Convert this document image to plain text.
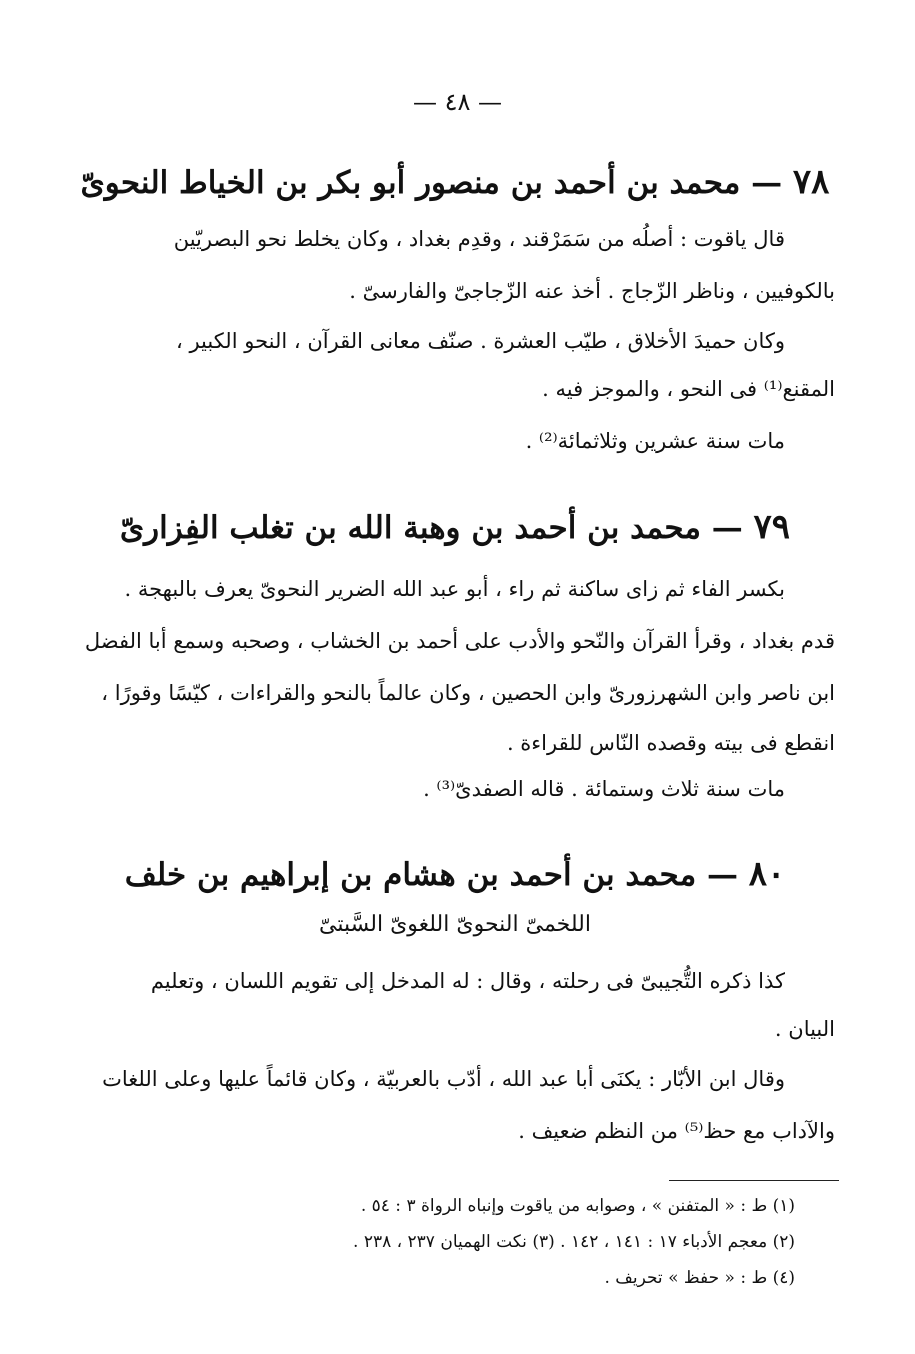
— ٤٨ —
٧٨ — محمد بن أحمد بن منصور أبو بكر بن الخياط النحوىّ
قال ياقوت : أصلُه من سَمَرْقند ، وقدِم بغداد ، وكان يخلط نحو البصريّين
بالكوفيين ، وناظر الزّجاج . أخذ عنه الزّجاجىّ والفارسىّ .
وكان حميدَ الأخلاق ، طيّب العشرة . صنّف معانى القرآن ، النحو الكبير ،
المقنع⁽¹⁾ فى النحو ، والموجز فيه .
مات سنة عشرين وثلاثمائة⁽²⁾ .
٧٩ — محمد بن أحمد بن وهبة الله بن تغلب الفِزارىّ
بكسر الفاء ثم زاى ساكنة ثم راء ، أبو عبد الله الضرير النحوىّ يعرف بالبهجة .
قدم بغداد ، وقرأ القرآن والنّحو والأدب على أحمد بن الخشاب ، وصحبه وسمع أبا الفضل
ابن ناصر وابن الشهرزورىّ وابن الحصين ، وكان عالماً بالنحو والقراءات ، كيّسًا وقورًا ،
انقطع فى بيته وقصده النّاس للقراءة .
مات سنة ثلاث وستمائة . قاله الصفدىّ⁽³⁾ .
٨٠ — محمد بن أحمد بن هشام بن إبراهيم بن خلف
اللخمىّ النحوىّ اللغوىّ السَّبتىّ
كذا ذكره التُّجيبىّ فى رحلته ، وقال : له المدخل إلى تقويم اللسان ، وتعليم
البيان .
وقال ابن الأبّار : يكنَى أبا عبد الله ، أدّب بالعربيّة ، وكان قائماً عليها وعلى اللغات
والآداب مع حظ⁽⁵⁾ من النظم ضعيف .
(١) ط : « المتفنن » ، وصوابه من ياقوت وإنباه الرواة ٣ : ٥٤ .
(٢) معجم الأدباء ١٧ : ١٤١ ، ١٤٢ . (٣) نكت الهميان ٢٣٧ ، ٢٣٨ .
(٤) ط : « حفظ » تحريف .
